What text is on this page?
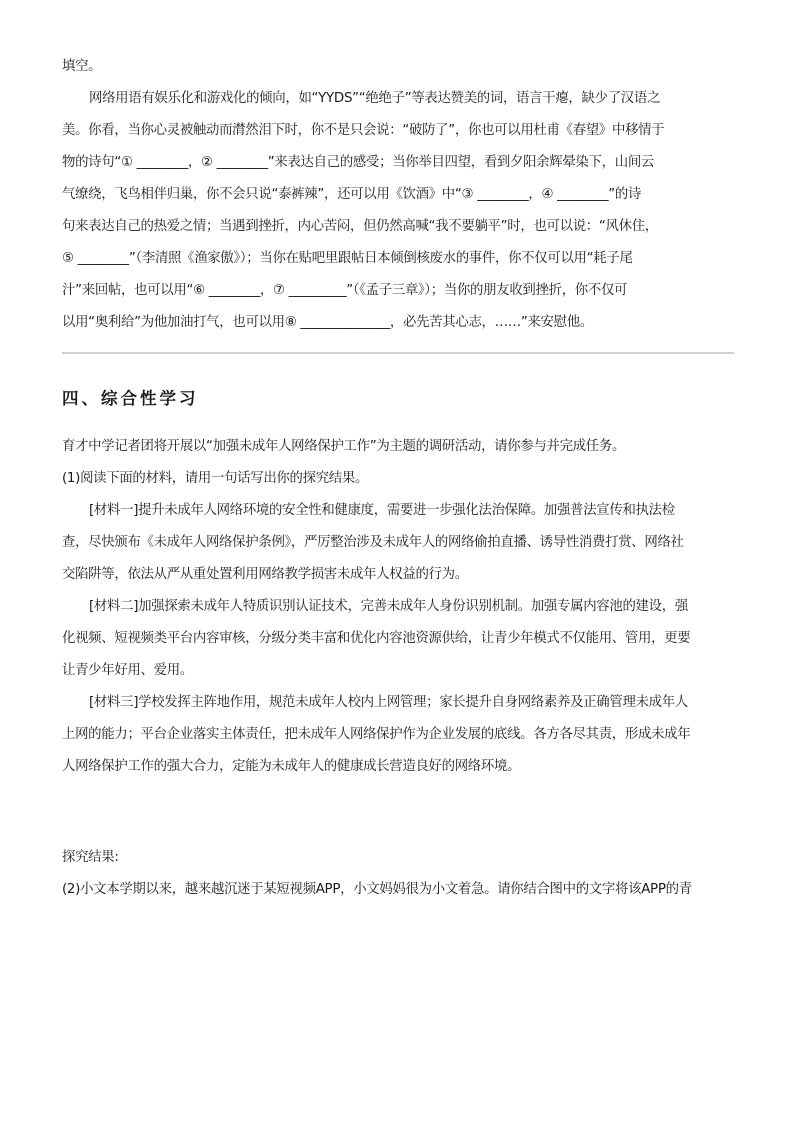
填空。
网络用语有娱乐化和游戏化的倾向，如“YYDS”“绝绝子”等表达赞美的词，语言干瘪，缺少了汉语之
美。你看，当你心灵被触动而潸然泪下时，你不是只会说：“破防了”，你也可以用杜甫《春望》中移情于
物的诗句“① ________，② ________”来表达自己的感受；当你举目四望，看到夕阳余辉晕染下，山间云
气缭绕，飞鸟相伴归巢，你不会只说“泰裤辣”，还可以用《饮酒》中“③ ________，④ ________”的诗
句来表达自己的热爱之情；当遇到挫折，内心苦闷，但仍然高喊“我不要躺平”时，也可以说：“风休住，
⑤ ________”（李清照《渔家傲》）；当你在贴吧里跟帖日本倾倒核废水的事件，你不仅可以用“耗子尾
汁”来回帖，也可以用“⑥ ________，⑦ _________”（《孟子三章》）；当你的朋友收到挫折，你不仅可
以用“奥利给”为他加油打气，也可以用⑧ ______________，必先苦其心志，……”来安慰他。
四、综合性学习
育才中学记者团将开展以“加强未成年人网络保护工作”为主题的调研活动，请你参与并完成任务。
(1)阅读下面的材料，请用一句话写出你的探究结果。
[材料一]提升未成年人网络环境的安全性和健康度，需要进一步强化法治保障。加强普法宣传和执法检
查，尽快颁布《未成年人网络保护条例》，严厉整治涉及未成年人的网络偷拍直播、诱导性消费打赏、网络社
交陷阱等，依法从严从重处置利用网络教学损害未成年人权益的行为。
[材料二]加强探索未成年人特质识别认证技术，完善未成年人身份识别机制。加强专属内容池的建设，强
化视频、短视频类平台内容审核，分级分类丰富和优化内容池资源供给，让青少年模式不仅能用、管用，更要
让青少年好用、爱用。
[材料三]学校发挥主阵地作用，规范未成年人校内上网管理；家长提升自身网络素养及正确管理未成年人
上网的能力；平台企业落实主体责任，把未成年人网络保护作为企业发展的底线。各方各尽其责，形成未成年
人网络保护工作的强大合力，定能为未成年人的健康成长营造良好的网络环境。
探究结果:
(2)小文本学期以来，越来越沉迷于某短视频APP，小文妈妈很为小文着急。请你结合图中的文字将该APP的青
